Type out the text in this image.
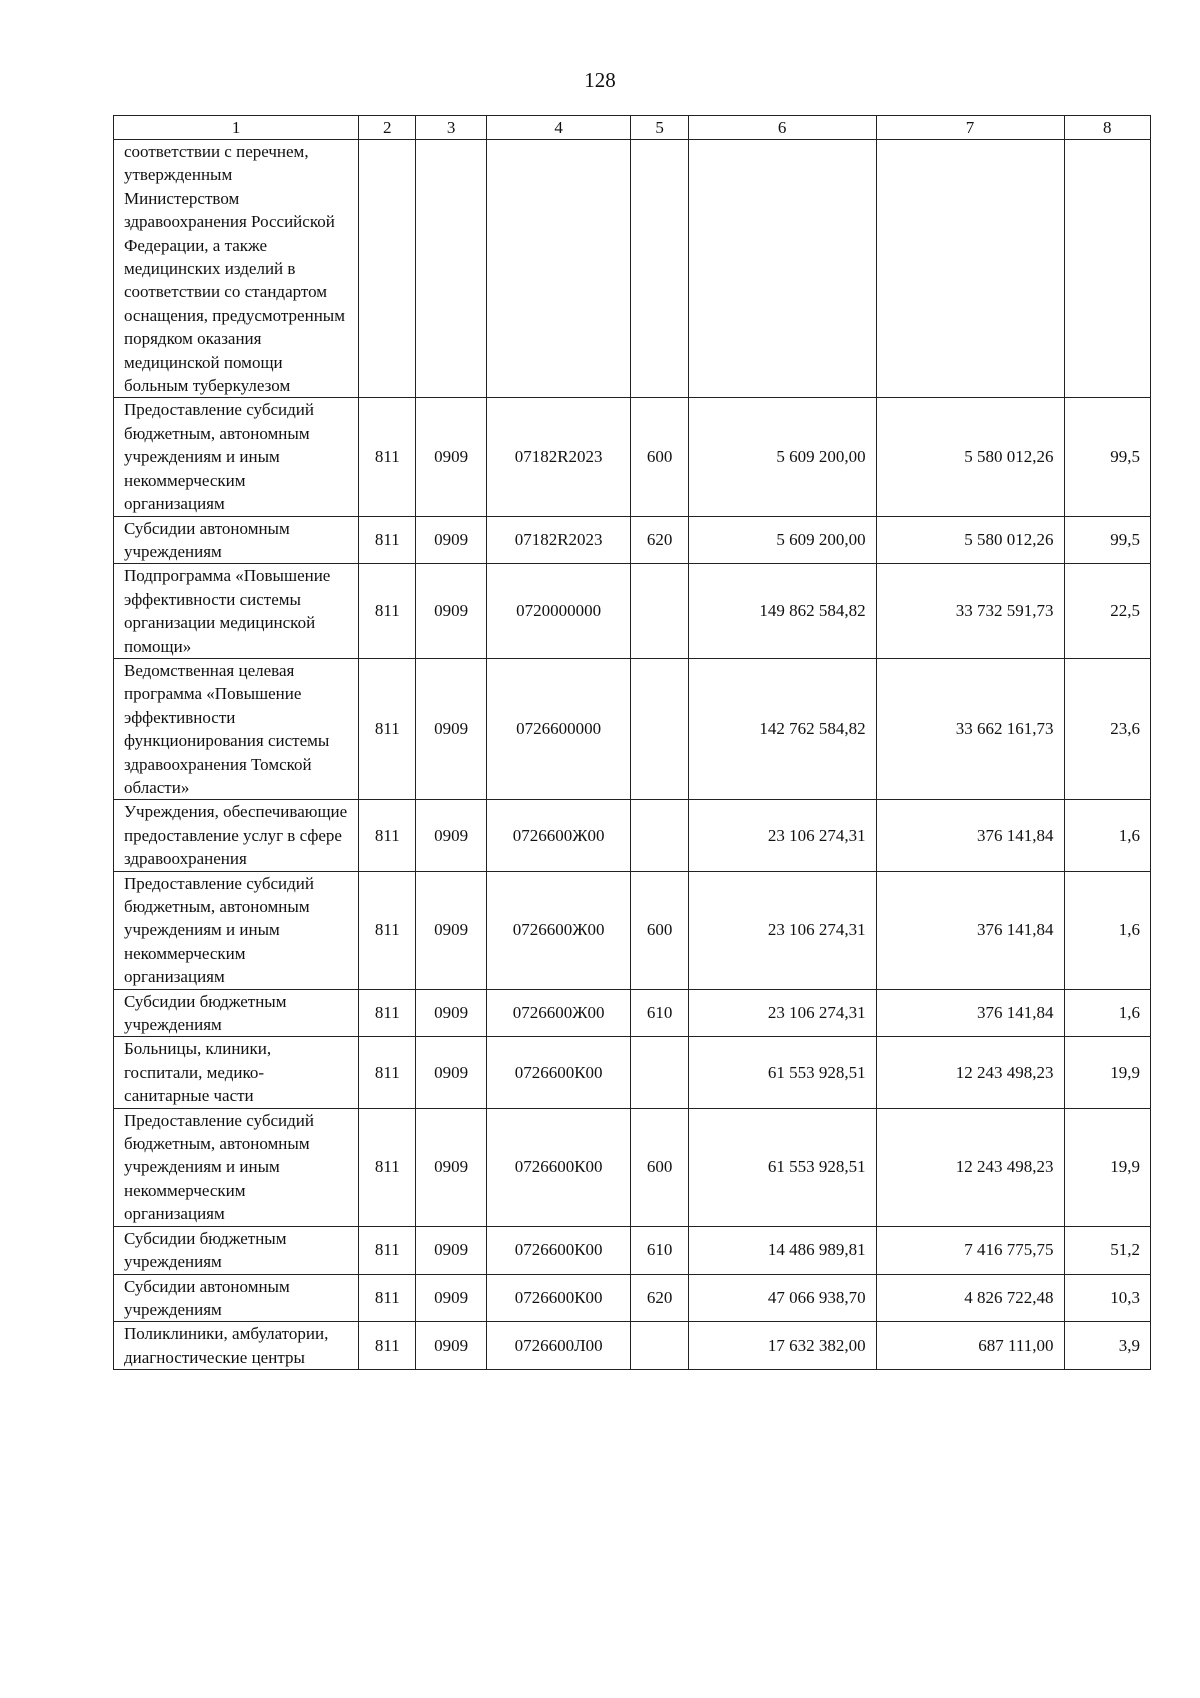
128
1	2	3	4	5	6	7	8
соответствии с перечнем, утвержденным Министерством здравоохранения Российской Федерации, а также медицинских изделий в соответствии со стандартом оснащения, предусмотренным порядком оказания медицинской помощи больным туберкулезом							
Предоставление субсидий бюджетным, автономным учреждениям и иным некоммерческим организациям	811	0909	07182R2023	600	5 609 200,00	5 580 012,26	99,5
Субсидии автономным учреждениям	811	0909	07182R2023	620	5 609 200,00	5 580 012,26	99,5
Подпрограмма «Повышение эффективности системы организации медицинской помощи»	811	0909	0720000000		149 862 584,82	33 732 591,73	22,5
Ведомственная целевая программа «Повышение эффективности функционирования системы здравоохранения Томской области»	811	0909	0726600000		142 762 584,82	33 662 161,73	23,6
Учреждения, обеспечивающие предоставление услуг в сфере здравоохранения	811	0909	0726600Ж00		23 106 274,31	376 141,84	1,6
Предоставление субсидий бюджетным, автономным учреждениям и иным некоммерческим организациям	811	0909	0726600Ж00	600	23 106 274,31	376 141,84	1,6
Субсидии бюджетным учреждениям	811	0909	0726600Ж00	610	23 106 274,31	376 141,84	1,6
Больницы, клиники, госпитали, медико-санитарные части	811	0909	0726600К00		61 553 928,51	12 243 498,23	19,9
Предоставление субсидий бюджетным, автономным учреждениям и иным некоммерческим организациям	811	0909	0726600К00	600	61 553 928,51	12 243 498,23	19,9
Субсидии бюджетным учреждениям	811	0909	0726600К00	610	14 486 989,81	7 416 775,75	51,2
Субсидии автономным учреждениям	811	0909	0726600К00	620	47 066 938,70	4 826 722,48	10,3
Поликлиники, амбулатории, диагностические центры	811	0909	0726600Л00		17 632 382,00	687 111,00	3,9
